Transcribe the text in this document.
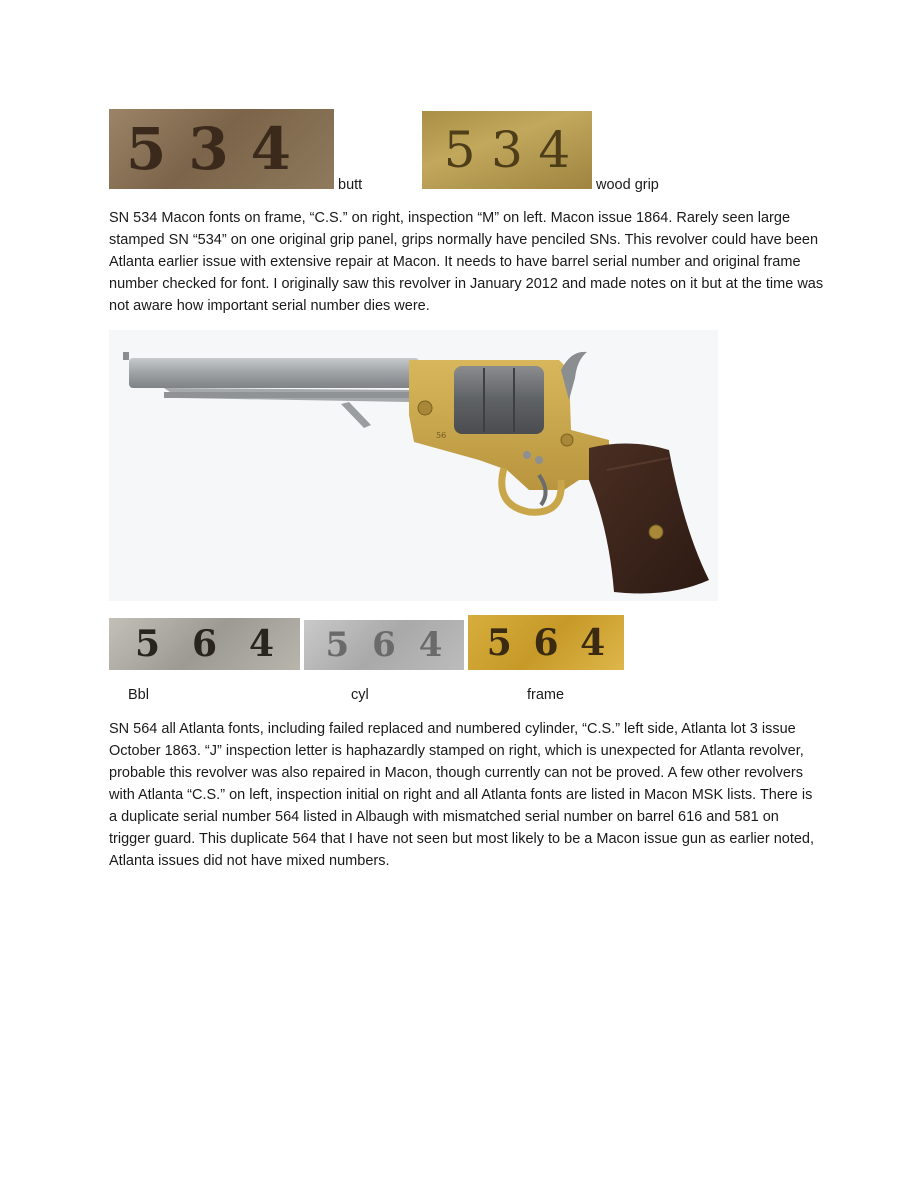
5 3 4
butt
5 3 4
wood grip
SN 534 Macon fonts on frame, “C.S.” on right, inspection “M” on left. Macon issue 1864. Rarely seen large stamped SN “534” on one original grip panel, grips normally have penciled SNs. This revolver could have been Atlanta earlier issue with extensive repair at Macon. It needs to have barrel serial number and original frame number checked for font. I originally saw this revolver in January 2012 and made notes on it but at the time was not aware how important serial number dies were.
56
5 6 4 5 6 4 5 6 4
Bbl	cyl	frame
SN 564 all Atlanta fonts, including failed replaced and numbered cylinder, “C.S.” left side, Atlanta lot 3 issue October 1863. “J” inspection letter is haphazardly stamped on right, which is unexpected for Atlanta revolver, probable this revolver was also repaired in Macon, though currently can not be proved. A few other revolvers with Atlanta “C.S.” on left, inspection initial on right and all Atlanta fonts are listed in Macon MSK lists. There is a duplicate serial number 564 listed in Albaugh with mismatched serial number on barrel 616 and 581 on trigger guard. This duplicate 564 that I have not seen but most likely to be a Macon issue gun as earlier noted, Atlanta issues did not have mixed numbers.
